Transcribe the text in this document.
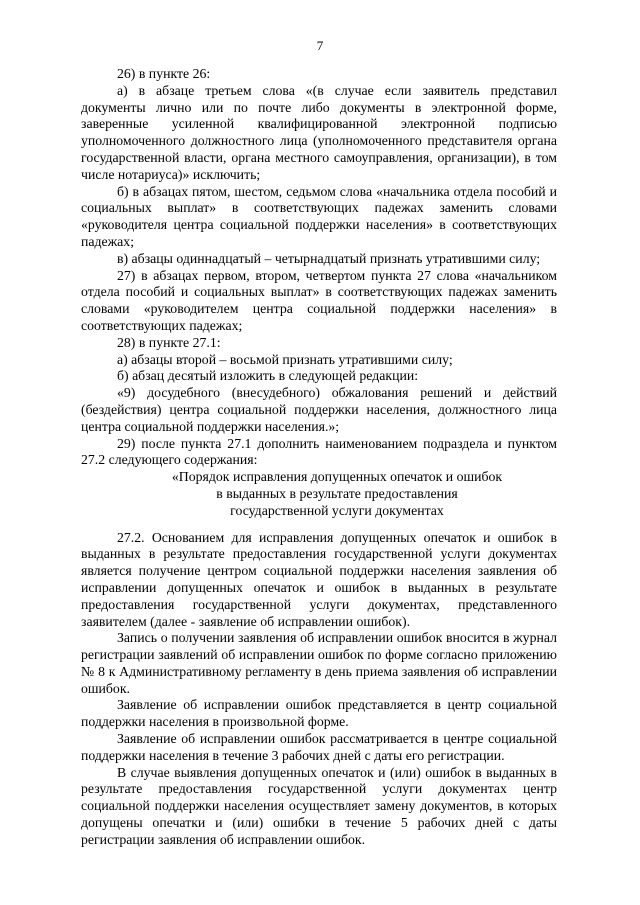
7

26) в пункте 26:

а) в абзаце третьем слова «(в случае если заявитель представил документы лично или по почте либо документы в электронной форме, заверенные усиленной квалифицированной электронной подписью уполномоченного должностного лица (уполномоченного представителя органа государственной власти, органа местного самоуправления, организации), в том числе нотариуса)» исключить;

б) в абзацах пятом, шестом, седьмом слова «начальника отдела пособий и социальных выплат» в соответствующих падежах заменить словами «руководителя центра социальной поддержки населения» в соответствующих падежах;

в) абзацы одиннадцатый – четырнадцатый признать утратившими силу;

27) в абзацах первом, втором, четвертом пункта 27 слова «начальником отдела пособий и социальных выплат» в соответствующих падежах заменить словами «руководителем центра социальной поддержки населения» в соответствующих падежах;

28) в пункте 27.1:

а) абзацы второй – восьмой признать утратившими силу;

б) абзац десятый изложить в следующей редакции:

«9) досудебного (внесудебного) обжалования решений и действий (бездействия) центра социальной поддержки населения, должностного лица центра социальной поддержки населения.»;

29) после пункта 27.1 дополнить наименованием подраздела и пунктом 27.2 следующего содержания:

«Порядок исправления допущенных опечаток и ошибок
в выданных в результате предоставления
государственной услуги документах

27.2. Основанием для исправления допущенных опечаток и ошибок в выданных в результате предоставления государственной услуги документах является получение центром социальной поддержки населения заявления об исправлении допущенных опечаток и ошибок в выданных в результате предоставления государственной услуги документах, представленного заявителем (далее - заявление об исправлении ошибок).

Запись о получении заявления об исправлении ошибок вносится в журнал регистрации заявлений об исправлении ошибок по форме согласно приложению № 8 к Административному регламенту в день приема заявления об исправлении ошибок.

Заявление об исправлении ошибок представляется в центр социальной поддержки населения в произвольной форме.

Заявление об исправлении ошибок рассматривается в центре социальной поддержки населения в течение 3 рабочих дней с даты его регистрации.

В случае выявления допущенных опечаток и (или) ошибок в выданных в результате предоставления государственной услуги документах центр социальной поддержки населения осуществляет замену документов, в которых допущены опечатки и (или) ошибки в течение 5 рабочих дней с даты регистрации заявления об исправлении ошибок.
